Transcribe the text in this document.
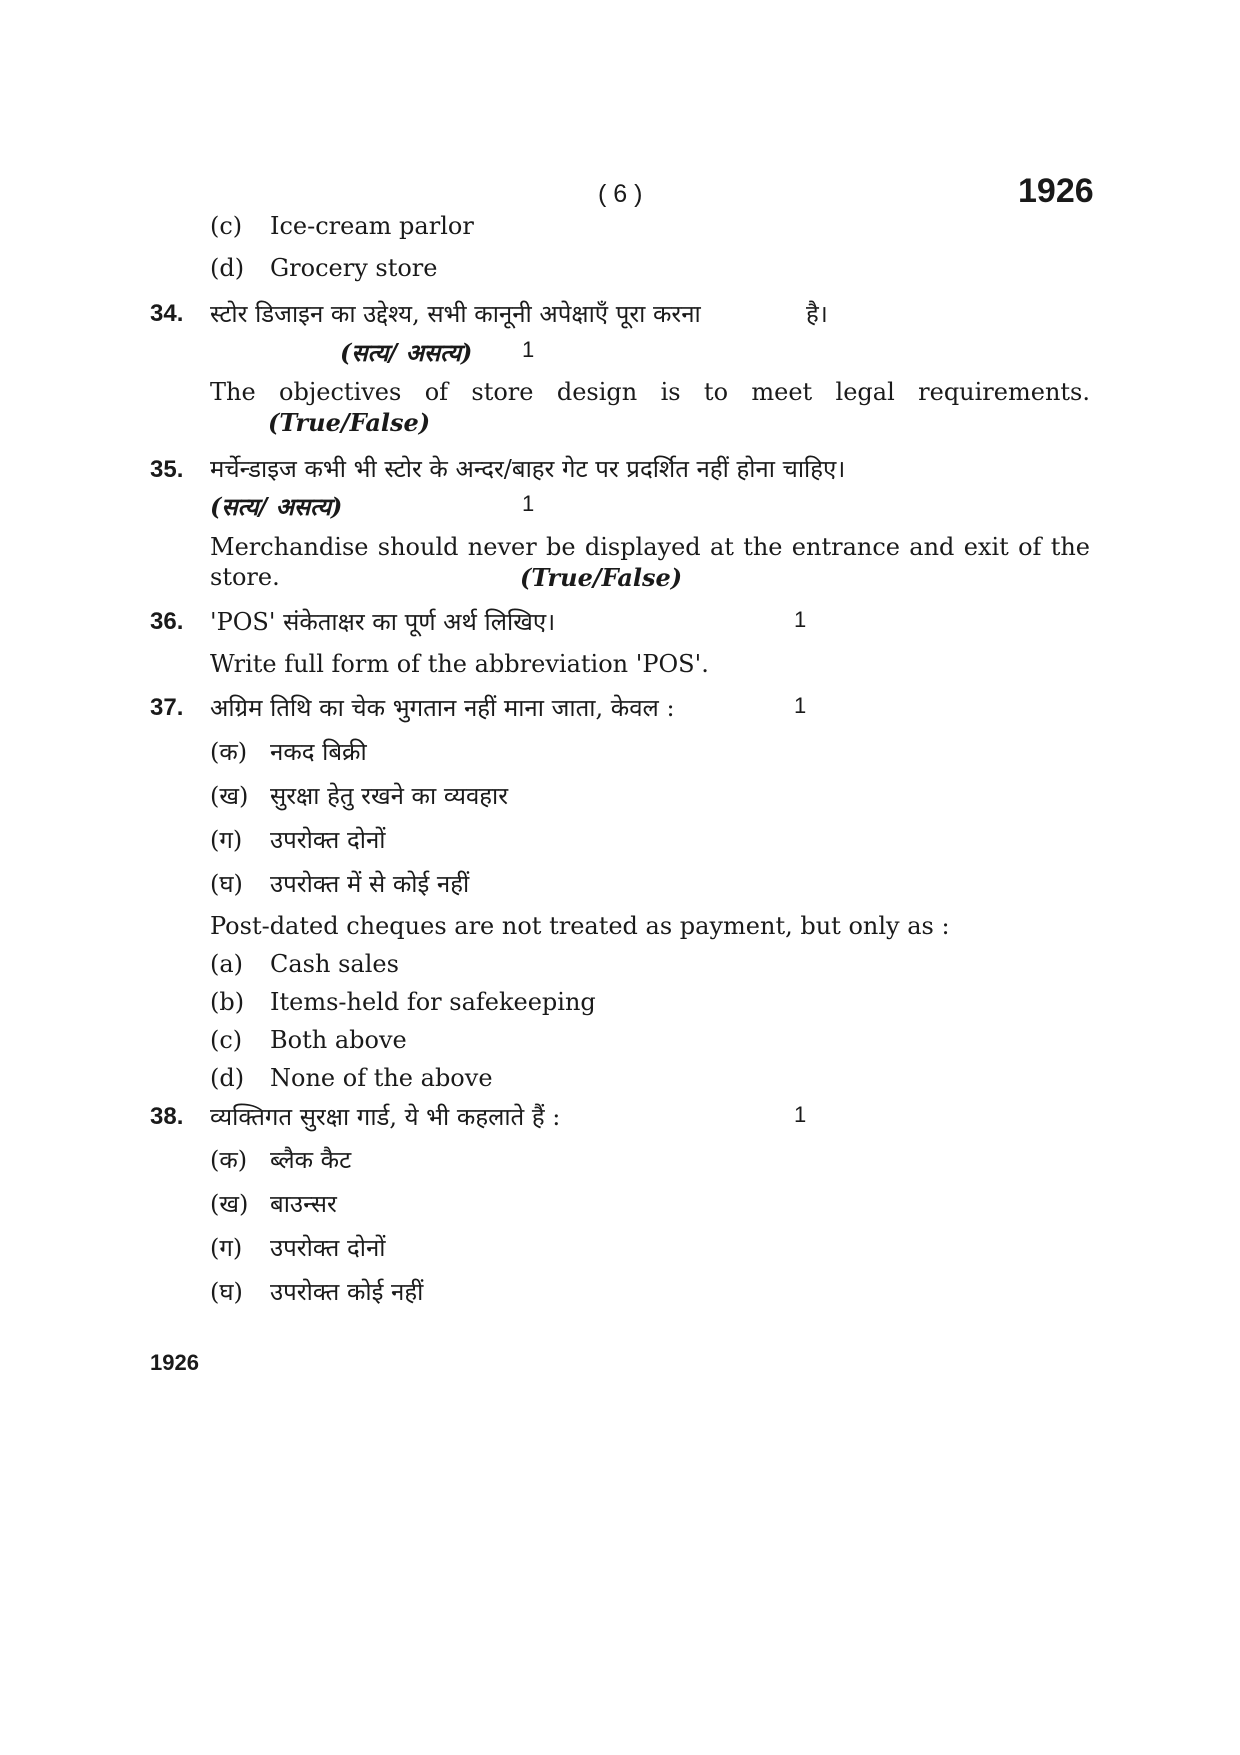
( 6 )	1926
(c) Ice-cream parlor
(d) Grocery store
34. स्टोर डिजाइन का उद्देश्य, सभी कानूनी अपेक्षाएँ पूरा करना	है।
(सत्य/ असत्य) 1
The objectives of store design is to meet legal requirements.
(True/False)
35. मर्चेन्डाइज कभी भी स्टोर के अन्दर/बाहर गेट पर प्रदर्शित नहीं होना चाहिए।
(सत्य/ असत्य)	1
Merchandise should never be displayed at the entrance and exit of the
store.	(True/False)
36. 'POS' संकेताक्षर का पूर्ण अर्थ लिखिए।	1
Write full form of the abbreviation 'POS'.
37. अग्रिम तिथि का चेक भुगतान नहीं माना जाता, केवल :	1
(क) नकद बिक्री
(ख) सुरक्षा हेतु रखने का व्यवहार
(ग) उपरोक्त दोनों
(घ) उपरोक्त में से कोई नहीं
Post-dated cheques are not treated as payment, but only as :
(a) Cash sales
(b) Items-held for safekeeping
(c) Both above
(d) None of the above
38. व्यक्तिगत सुरक्षा गार्ड, ये भी कहलाते हैं :	1
(क) ब्लैक कैट
(ख) बाउन्सर
(ग) उपरोक्त दोनों
(घ) उपरोक्त कोई नहीं
1926
